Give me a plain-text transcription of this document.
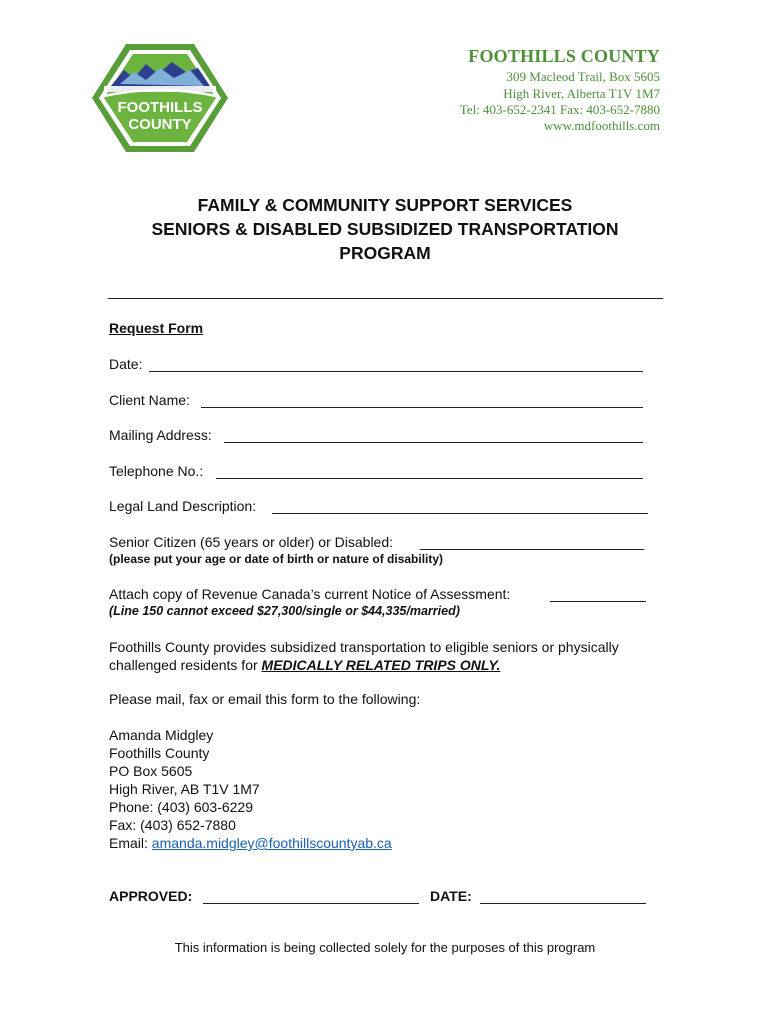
FOOTHILLS
COUNTY
FOOTHILLS COUNTY
309 Macleod Trail, Box 5605
High River, Alberta T1V 1M7
Tel: 403-652-2341 Fax: 403-652-7880
www.mdfoothills.com
FAMILY & COMMUNITY SUPPORT SERVICES
SENIORS & DISABLED SUBSIDIZED TRANSPORTATION
PROGRAM
Request Form
Date:
Client Name:
Mailing Address:
Telephone No.:
Legal Land Description:
Senior Citizen (65 years or older) or Disabled:
(please put your age or date of birth or nature of disability)
Attach copy of Revenue Canada’s current Notice of Assessment:
(Line 150 cannot exceed $27,300/single or $44,335/married)
Foothills County provides subsidized transportation to eligible seniors or physically
challenged residents for MEDICALLY RELATED TRIPS ONLY.
Please mail, fax or email this form to the following:
Amanda Midgley
Foothills County
PO Box 5605
High River, AB T1V 1M7
Phone: (403) 603-6229
Fax: (403) 652-7880
Email: amanda.midgley@foothillscountyab.ca
APPROVED:	DATE:
This information is being collected solely for the purposes of this program
